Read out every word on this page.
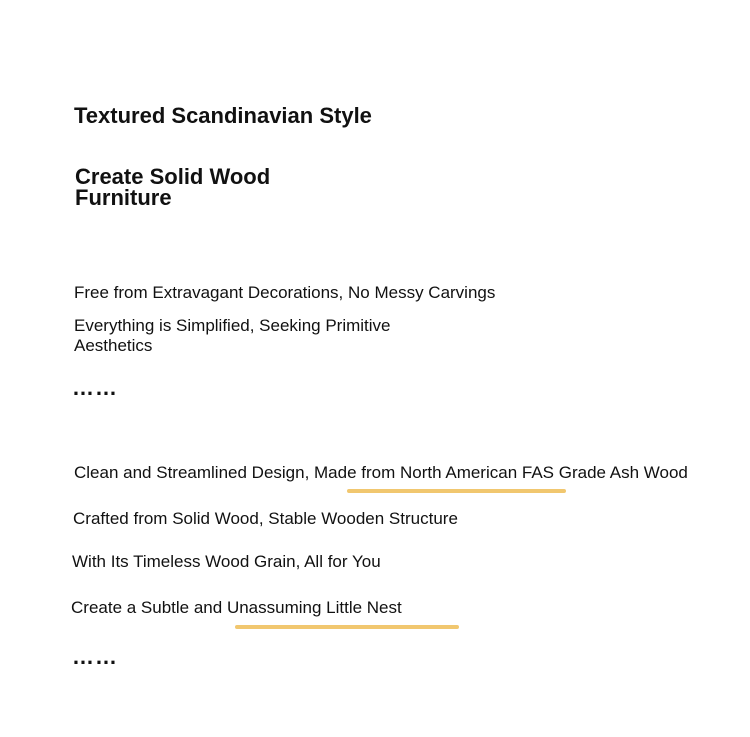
Textured Scandinavian Style
Create Solid Wood Furniture
Free from Extravagant Decorations, No Messy Carvings
Everything is Simplified, Seeking Primitive Aesthetics
……
Clean and Streamlined Design, Made from North American FAS Grade Ash Wood
Crafted from Solid Wood, Stable Wooden Structure
With Its Timeless Wood Grain, All for You
Create a Subtle and Unassuming Little Nest
……
